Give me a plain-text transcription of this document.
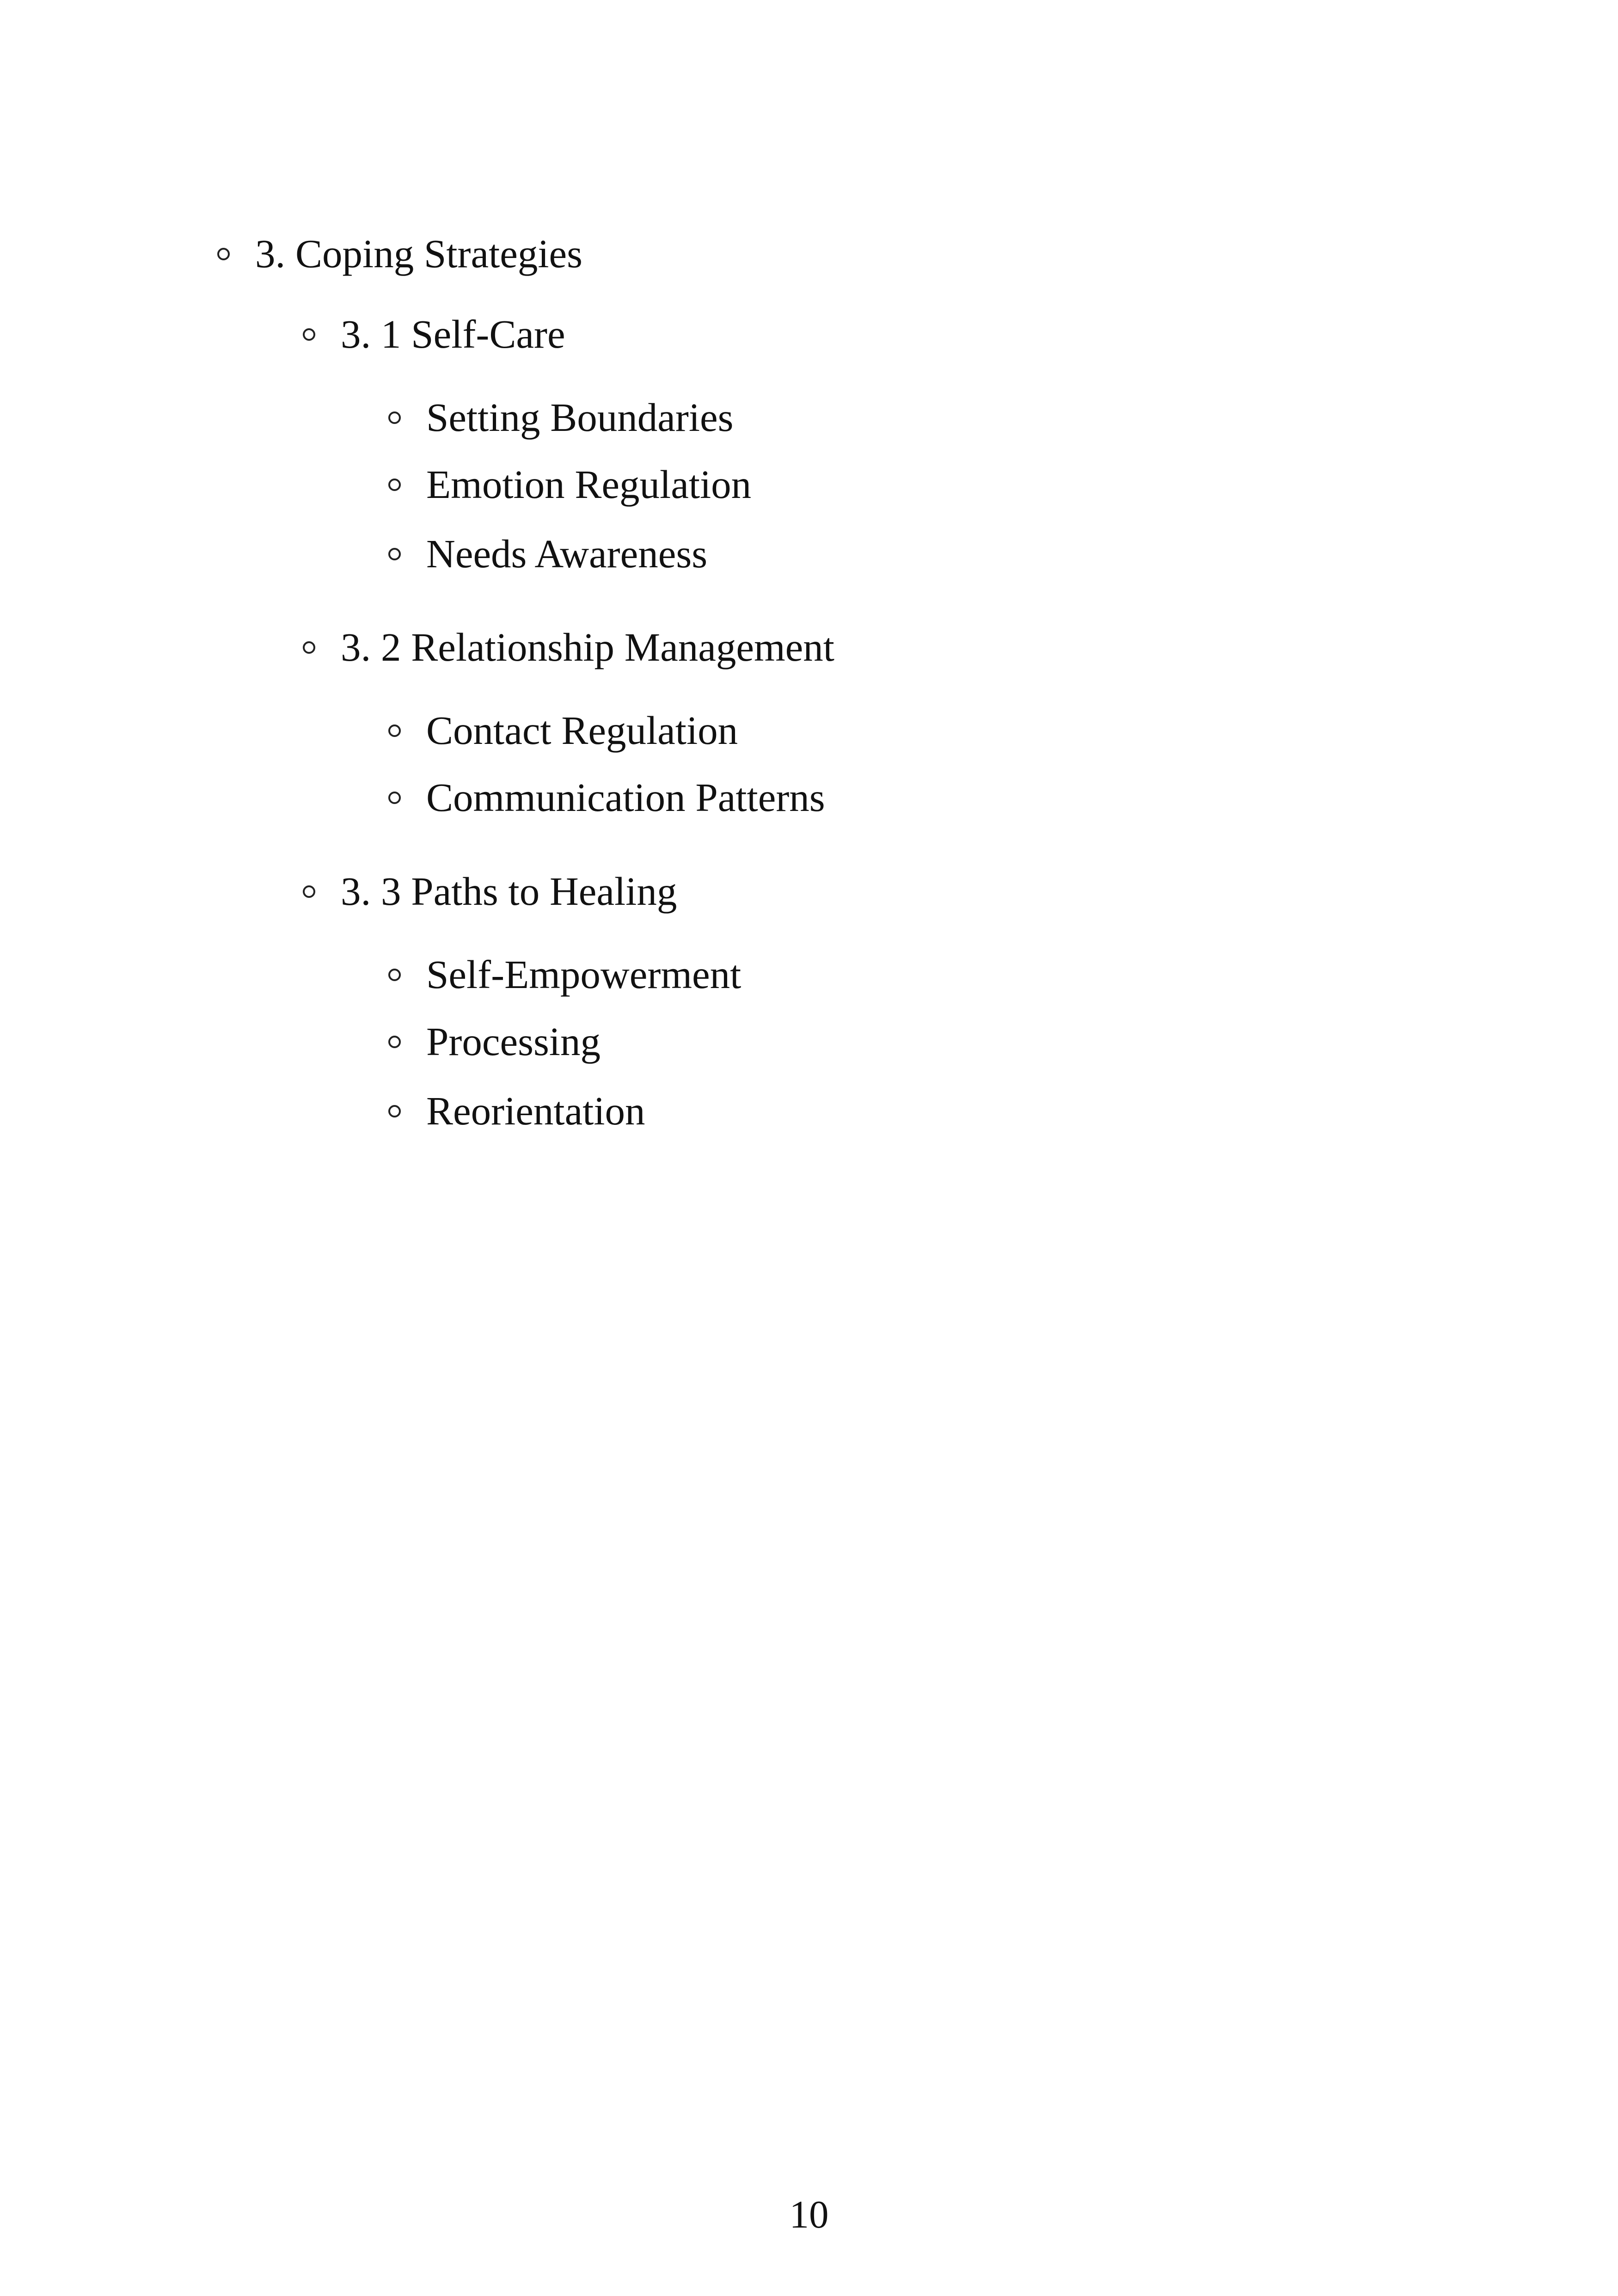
3. Coping Strategies
3. 1 Self-Care
Setting Boundaries
Emotion Regulation
Needs Awareness
3. 2 Relationship Management
Contact Regulation
Communication Patterns
3. 3 Paths to Healing
Self-Empowerment
Processing
Reorientation
10
